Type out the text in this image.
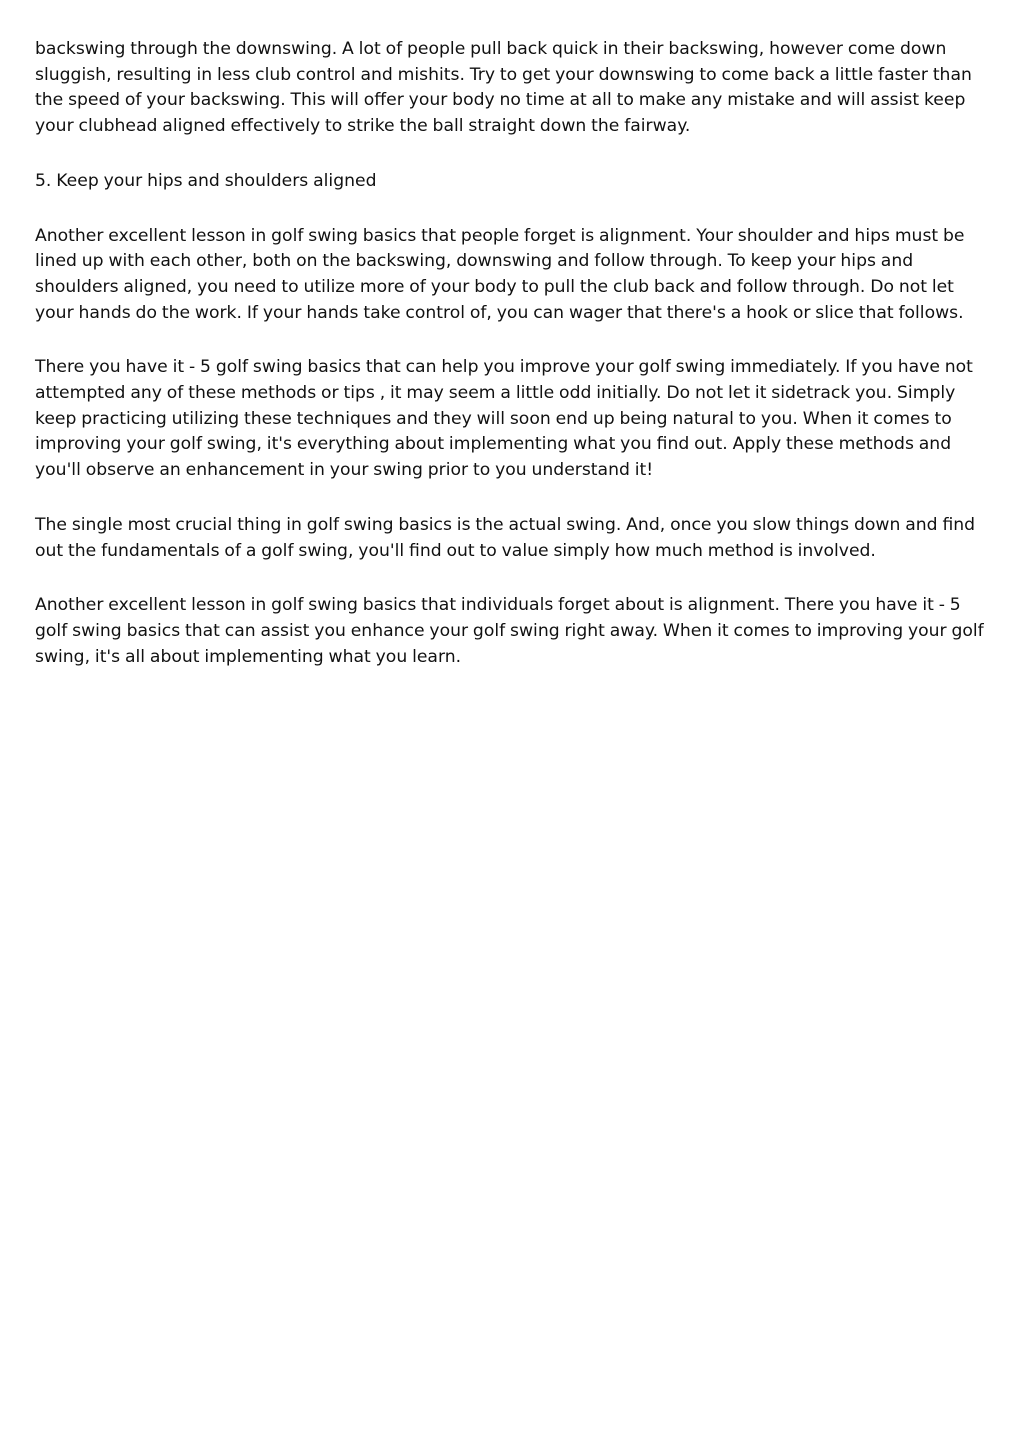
backswing through the downswing. A lot of people pull back quick in their backswing, however come down sluggish, resulting in less club control and mishits. Try to get your downswing to come back a little faster than the speed of your backswing. This will offer your body no time at all to make any mistake and will assist keep your clubhead aligned effectively to strike the ball straight down the fairway.

5. Keep your hips and shoulders aligned

Another excellent lesson in golf swing basics that people forget is alignment. Your shoulder and hips must be lined up with each other, both on the backswing, downswing and follow through. To keep your hips and shoulders aligned, you need to utilize more of your body to pull the club back and follow through. Do not let your hands do the work. If your hands take control of, you can wager that there's a hook or slice that follows.

There you have it - 5 golf swing basics that can help you improve your golf swing immediately. If you have not attempted any of these methods or tips , it may seem a little odd initially. Do not let it sidetrack you. Simply keep practicing utilizing these techniques and they will soon end up being natural to you. When it comes to improving your golf swing, it's everything about implementing what you find out. Apply these methods and you'll observe an enhancement in your swing prior to you understand it!

The single most crucial thing in golf swing basics is the actual swing. And, once you slow things down and find out the fundamentals of a golf swing, you'll find out to value simply how much method is involved.

Another excellent lesson in golf swing basics that individuals forget about is alignment. There you have it - 5 golf swing basics that can assist you enhance your golf swing right away. When it comes to improving your golf swing, it's all about implementing what you learn.
